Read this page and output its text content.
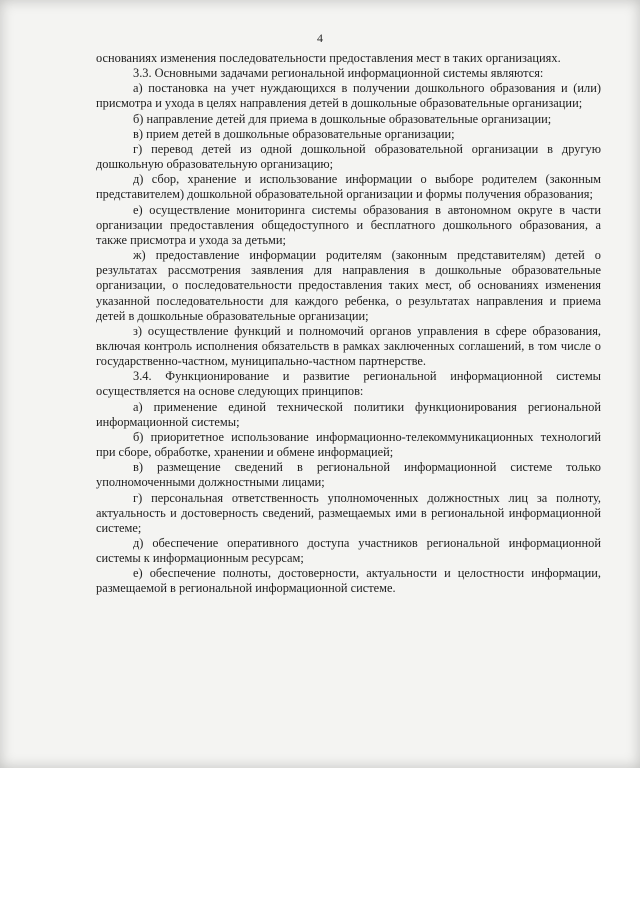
4

основаниях изменения последовательности предоставления мест в таких организациях.

3.3. Основными задачами региональной информационной системы являются:

а) постановка на учет нуждающихся в получении дошкольного образования и (или) присмотра и ухода в целях направления детей в дошкольные образовательные организации;

б) направление детей для приема в дошкольные образовательные организации;

в) прием детей в дошкольные образовательные организации;

г) перевод детей из одной дошкольной образовательной организации в другую дошкольную образовательную организацию;

д) сбор, хранение и использование информации о выборе родителем (законным представителем) дошкольной образовательной организации и формы получения образования;

е) осуществление мониторинга системы образования в автономном округе в части организации предоставления общедоступного и бесплатного дошкольного образования, а также присмотра и ухода за детьми;

ж) предоставление информации родителям (законным представителям) детей о результатах рассмотрения заявления для направления в дошкольные образовательные организации, о последовательности предоставления таких мест, об основаниях изменения указанной последовательности для каждого ребенка, о результатах направления и приема детей в дошкольные образовательные организации;

з) осуществление функций и полномочий органов управления в сфере образования, включая контроль исполнения обязательств в рамках заключенных соглашений, в том числе о государственно-частном, муниципально-частном партнерстве.

3.4. Функционирование и развитие региональной информационной системы осуществляется на основе следующих принципов:

а) применение единой технической политики функционирования региональной информационной системы;

б) приоритетное использование информационно-телекоммуникационных технологий при сборе, обработке, хранении и обмене информацией;

в) размещение сведений в региональной информационной системе только уполномоченными должностными лицами;

г) персональная ответственность уполномоченных должностных лиц за полноту, актуальность и достоверность сведений, размещаемых ими в региональной информационной системе;

д) обеспечение оперативного доступа участников региональной информационной системы к информационным ресурсам;

е) обеспечение полноты, достоверности, актуальности и целостности информации, размещаемой в региональной информационной системе.
